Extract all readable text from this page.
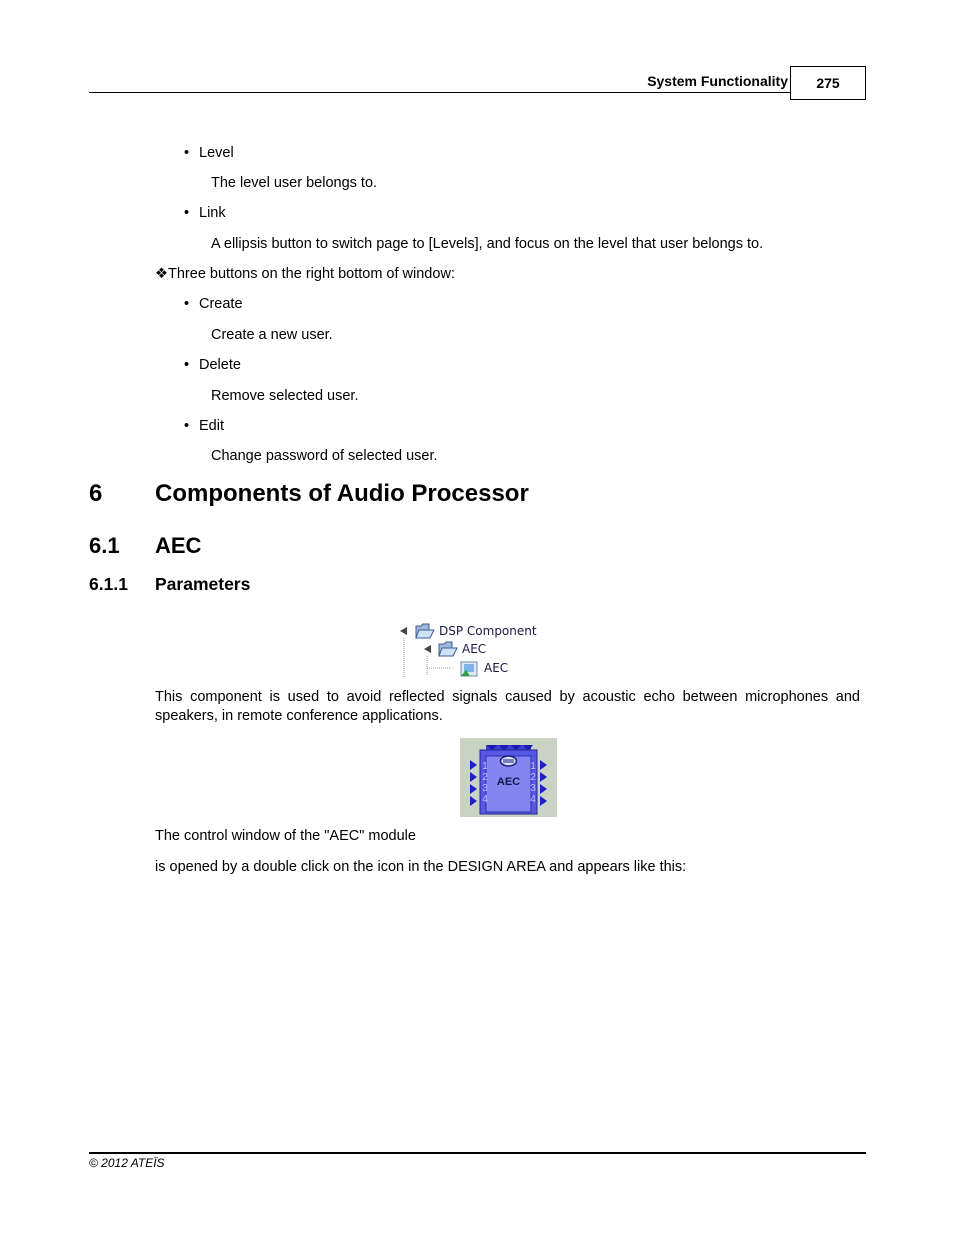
System Functionality	275
• Level
The level user belongs to.
• Link
A ellipsis button to switch page to [Levels], and focus on the level that user belongs to.
❖Three buttons on the right bottom of window:
• Create
Create a new user.
• Delete
Remove selected user.
• Edit
Change password of selected user.
6 Components of Audio Processor
6.1 AEC
6.1.1 Parameters
DSP Component
AEC
AEC
This component is used to avoid reflected signals caused by acoustic echo between microphones and speakers, in remote conference applications.
1
2
3
4
1
2
3
4
AEC
The control window of the "AEC" module
is opened by a double click on the icon in the DESIGN AREA and appears like this:
© 2012 ATEÏS
